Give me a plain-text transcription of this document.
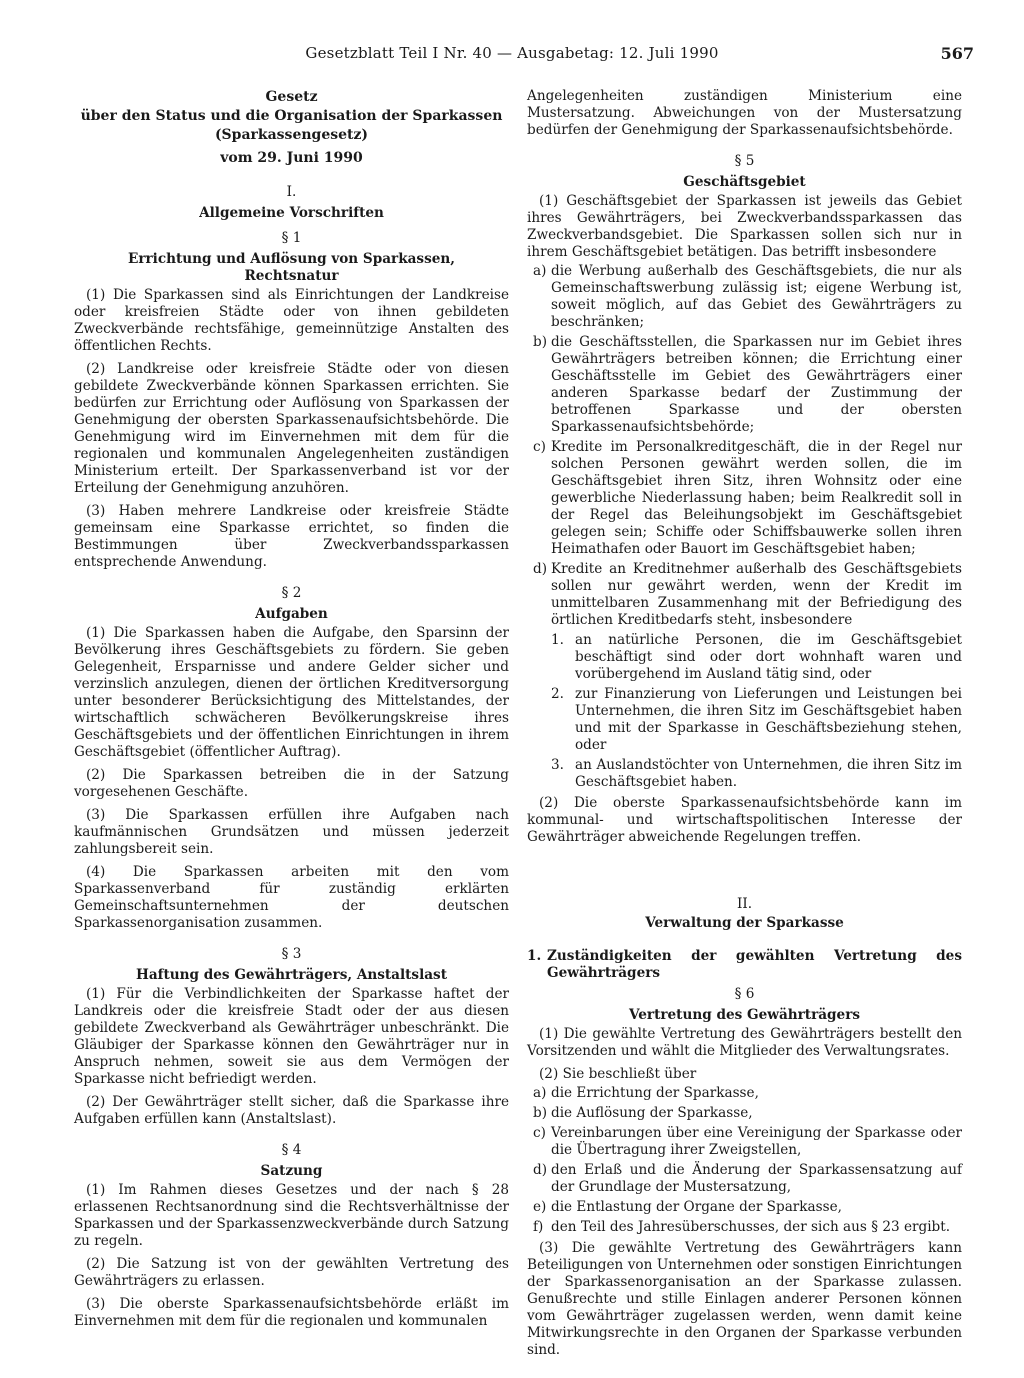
Gesetzblatt Teil I Nr. 40 — Ausgabetag: 12. Juli 1990	567

Gesetz

über den Status und die Organisation der Sparkassen

(Sparkassengesetz)

vom 29. Juni 1990

I.

Allgemeine Vorschriften

§ 1

Errichtung und Auflösung von Sparkassen, Rechtsnatur

(1) Die Sparkassen sind als Einrichtungen der Landkreise oder kreisfreien Städte oder von ihnen gebildeten Zweckverbände rechtsfähige, gemeinnützige Anstalten des öffentlichen Rechts.

(2) Landkreise oder kreisfreie Städte oder von diesen gebildete Zweckverbände können Sparkassen errichten. Sie bedürfen zur Errichtung oder Auflösung von Sparkassen der Genehmigung der obersten Sparkassenaufsichtsbehörde. Die Genehmigung wird im Einvernehmen mit dem für die regionalen und kommunalen Angelegenheiten zuständigen Ministerium erteilt. Der Sparkassenverband ist vor der Erteilung der Genehmigung anzuhören.

(3) Haben mehrere Landkreise oder kreisfreie Städte gemeinsam eine Sparkasse errichtet, so finden die Bestimmungen über Zweckverbandssparkassen entsprechende Anwendung.

§ 2

Aufgaben

(1) Die Sparkassen haben die Aufgabe, den Sparsinn der Bevölkerung ihres Geschäftsgebiets zu fördern. Sie geben Gelegenheit, Ersparnisse und andere Gelder sicher und verzinslich anzulegen, dienen der örtlichen Kreditversorgung unter besonderer Berücksichtigung des Mittelstandes, der wirtschaftlich schwächeren Bevölkerungskreise ihres Geschäftsgebiets und der öffentlichen Einrichtungen in ihrem Geschäftsgebiet (öffentlicher Auftrag).

(2) Die Sparkassen betreiben die in der Satzung vorgesehenen Geschäfte.

(3) Die Sparkassen erfüllen ihre Aufgaben nach kaufmännischen Grundsätzen und müssen jederzeit zahlungsbereit sein.

(4) Die Sparkassen arbeiten mit den vom Sparkassenverband für zuständig erklärten Gemeinschaftsunternehmen der deutschen Sparkassenorganisation zusammen.

§ 3

Haftung des Gewährträgers, Anstaltslast

(1) Für die Verbindlichkeiten der Sparkasse haftet der Landkreis oder die kreisfreie Stadt oder der aus diesen gebildete Zweckverband als Gewährträger unbeschränkt. Die Gläubiger der Sparkasse können den Gewährträger nur in Anspruch nehmen, soweit sie aus dem Vermögen der Sparkasse nicht befriedigt werden.

(2) Der Gewährträger stellt sicher, daß die Sparkasse ihre Aufgaben erfüllen kann (Anstaltslast).

§ 4

Satzung

(1) Im Rahmen dieses Gesetzes und der nach § 28 erlassenen Rechtsanordnung sind die Rechtsverhältnisse der Sparkassen und der Sparkassenzweckverbände durch Satzung zu regeln.

(2) Die Satzung ist von der gewählten Vertretung des Gewährträgers zu erlassen.

(3) Die oberste Sparkassenaufsichtsbehörde erläßt im Einvernehmen mit dem für die regionalen und kommunalen

Angelegenheiten zuständigen Ministerium eine Mustersatzung. Abweichungen von der Mustersatzung bedürfen der Genehmigung der Sparkassenaufsichtsbehörde.

§ 5

Geschäftsgebiet

(1) Geschäftsgebiet der Sparkassen ist jeweils das Gebiet ihres Gewährträgers, bei Zweckverbandssparkassen das Zweckverbandsgebiet. Die Sparkassen sollen sich nur in ihrem Geschäftsgebiet betätigen. Das betrifft insbesondere

a) die Werbung außerhalb des Geschäftsgebiets, die nur als Gemeinschaftswerbung zulässig ist; eigene Werbung ist, soweit möglich, auf das Gebiet des Gewährträgers zu beschränken;
b) die Geschäftsstellen, die Sparkassen nur im Gebiet ihres Gewährträgers betreiben können; die Errichtung einer Geschäftsstelle im Gebiet des Gewährträgers einer anderen Sparkasse bedarf der Zustimmung der betroffenen Sparkasse und der obersten Sparkassenaufsichtsbehörde;
c) Kredite im Personalkreditgeschäft, die in der Regel nur solchen Personen gewährt werden sollen, die im Geschäftsgebiet ihren Sitz, ihren Wohnsitz oder eine gewerbliche Niederlassung haben; beim Realkredit soll in der Regel das Beleihungsobjekt im Geschäftsgebiet gelegen sein; Schiffe oder Schiffsbauwerke sollen ihren Heimathafen oder Bauort im Geschäftsgebiet haben;
d) Kredite an Kreditnehmer außerhalb des Geschäftsgebiets sollen nur gewährt werden, wenn der Kredit im unmittelbaren Zusammenhang mit der Befriedigung des örtlichen Kreditbedarfs steht, insbesondere
1. an natürliche Personen, die im Geschäftsgebiet beschäftigt sind oder dort wohnhaft waren und vorübergehend im Ausland tätig sind, oder
2. zur Finanzierung von Lieferungen und Leistungen bei Unternehmen, die ihren Sitz im Geschäftsgebiet haben und mit der Sparkasse in Geschäftsbeziehung stehen, oder
3. an Auslandstöchter von Unternehmen, die ihren Sitz im Geschäftsgebiet haben.

(2) Die oberste Sparkassenaufsichtsbehörde kann im kommunal- und wirtschaftspolitischen Interesse der Gewährträger abweichende Regelungen treffen.

II.

Verwaltung der Sparkasse

1. Zuständigkeiten der gewählten Vertretung des Gewährträgers

§ 6

Vertretung des Gewährträgers

(1) Die gewählte Vertretung des Gewährträgers bestellt den Vorsitzenden und wählt die Mitglieder des Verwaltungsrates.

(2) Sie beschließt über

a) die Errichtung der Sparkasse,
b) die Auflösung der Sparkasse,
c) Vereinbarungen über eine Vereinigung der Sparkasse oder die Übertragung ihrer Zweigstellen,
d) den Erlaß und die Änderung der Sparkassensatzung auf der Grundlage der Mustersatzung,
e) die Entlastung der Organe der Sparkasse,
f) den Teil des Jahresüberschusses, der sich aus § 23 ergibt.

(3) Die gewählte Vertretung des Gewährträgers kann Beteiligungen von Unternehmen oder sonstigen Einrichtungen der Sparkassenorganisation an der Sparkasse zulassen. Genußrechte und stille Einlagen anderer Personen können vom Gewährträger zugelassen werden, wenn damit keine Mitwirkungsrechte in den Organen der Sparkasse verbunden sind.
